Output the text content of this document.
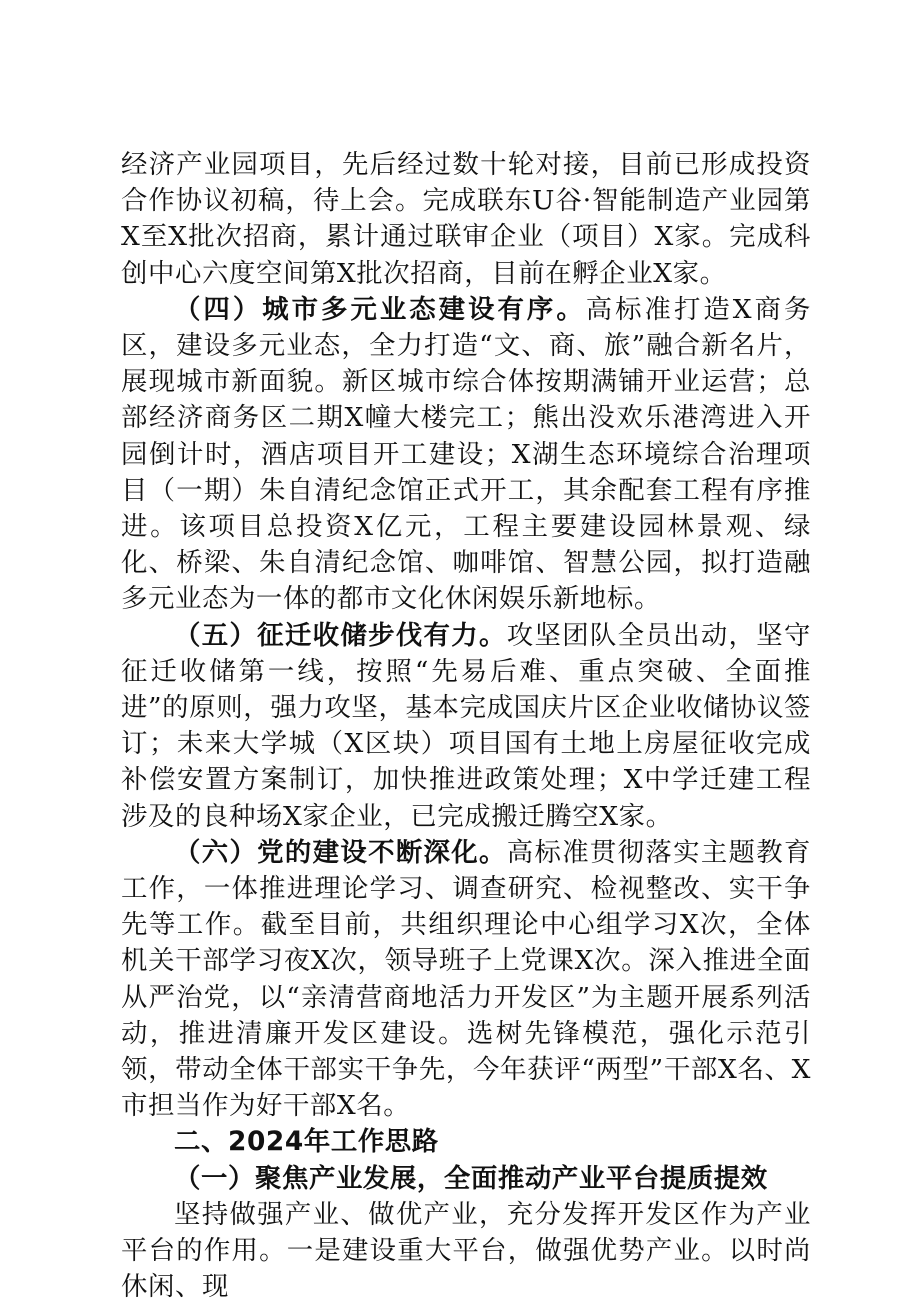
经济产业园项目，先后经过数十轮对接，目前已形成投资合作协议初稿，待上会。完成联东U谷·智能制造产业园第X至X批次招商，累计通过联审企业（项目）X家。完成科创中心六度空间第X批次招商，目前在孵企业X家。

（四）城市多元业态建设有序。高标准打造X商务区，建设多元业态，全力打造“文、商、旅”融合新名片，展现城市新面貌。新区城市综合体按期满铺开业运营；总部经济商务区二期X幢大楼完工；熊出没欢乐港湾进入开园倒计时，酒店项目开工建设；X湖生态环境综合治理项目（一期）朱自清纪念馆正式开工，其余配套工程有序推进。该项目总投资X亿元，工程主要建设园林景观、绿化、桥梁、朱自清纪念馆、咖啡馆、智慧公园，拟打造融多元业态为一体的都市文化休闲娱乐新地标。

（五）征迁收储步伐有力。攻坚团队全员出动，坚守征迁收储第一线，按照“先易后难、重点突破、全面推进”的原则，强力攻坚，基本完成国庆片区企业收储协议签订；未来大学城（X区块）项目国有土地上房屋征收完成补偿安置方案制订，加快推进政策处理；X中学迁建工程涉及的良种场X家企业，已完成搬迁腾空X家。

（六）党的建设不断深化。高标准贯彻落实主题教育工作，一体推进理论学习、调查研究、检视整改、实干争先等工作。截至目前，共组织理论中心组学习X次，全体机关干部学习夜X次，领导班子上党课X次。深入推进全面从严治党，以“亲清营商地活力开发区”为主题开展系列活动，推进清廉开发区建设。选树先锋模范，强化示范引领，带动全体干部实干争先，今年获评“两型”干部X名、X市担当作为好干部X名。

二、2024年工作思路

（一）聚焦产业发展，全面推动产业平台提质提效

坚持做强产业、做优产业，充分发挥开发区作为产业平台的作用。一是建设重大平台，做强优势产业。以时尚休闲、现
